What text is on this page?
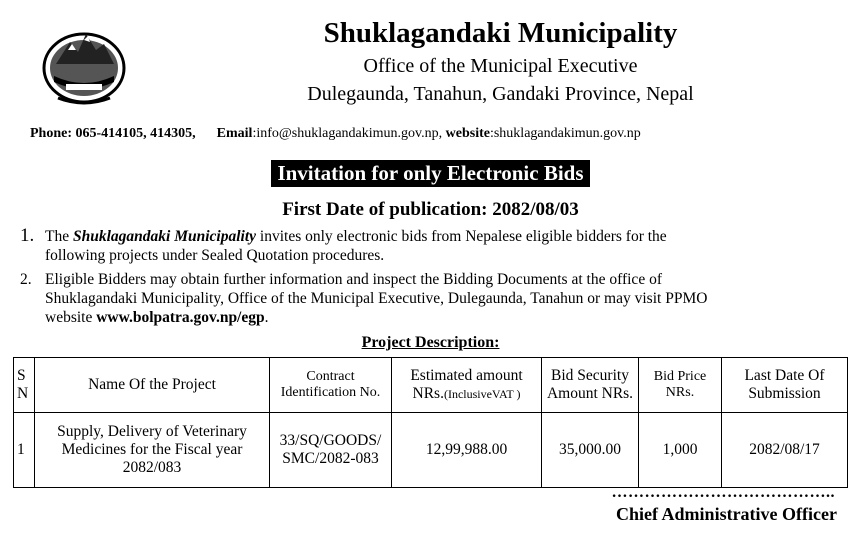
Shuklagandaki Municipality
Office of the Municipal Executive
Dulegaunda, Tanahun, Gandaki Province, Nepal
Phone: 065-414105, 414305, Email:info@shuklagandakimun.gov.np, website:shuklagandakimun.gov.np
Invitation for only Electronic Bids
First Date of publication: 2082/08/03
1. The Shuklagandaki Municipality invites only electronic bids from Nepalese eligible bidders for the
following projects under Sealed Quotation procedures.
2. Eligible Bidders may obtain further information and inspect the Bidding Documents at the office of
Shuklagandaki Municipality, Office of the Municipal Executive, Dulegaunda, Tanahun or may visit PPMO
website www.bolpatra.gov.np/egp.
Project Description:
S N	Name Of the Project	Contract Identification No.	Estimated amount NRs.(InclusiveVAT )	Bid Security Amount NRs.	Bid Price NRs.	Last Date Of Submission
1	Supply, Delivery of Veterinary Medicines for the Fiscal year 2082/083	33/SQ/GOODS/ SMC/2082-083	12,99,988.00	35,000.00	1,000	2082/08/17
…………………………………..
Chief Administrative Officer
